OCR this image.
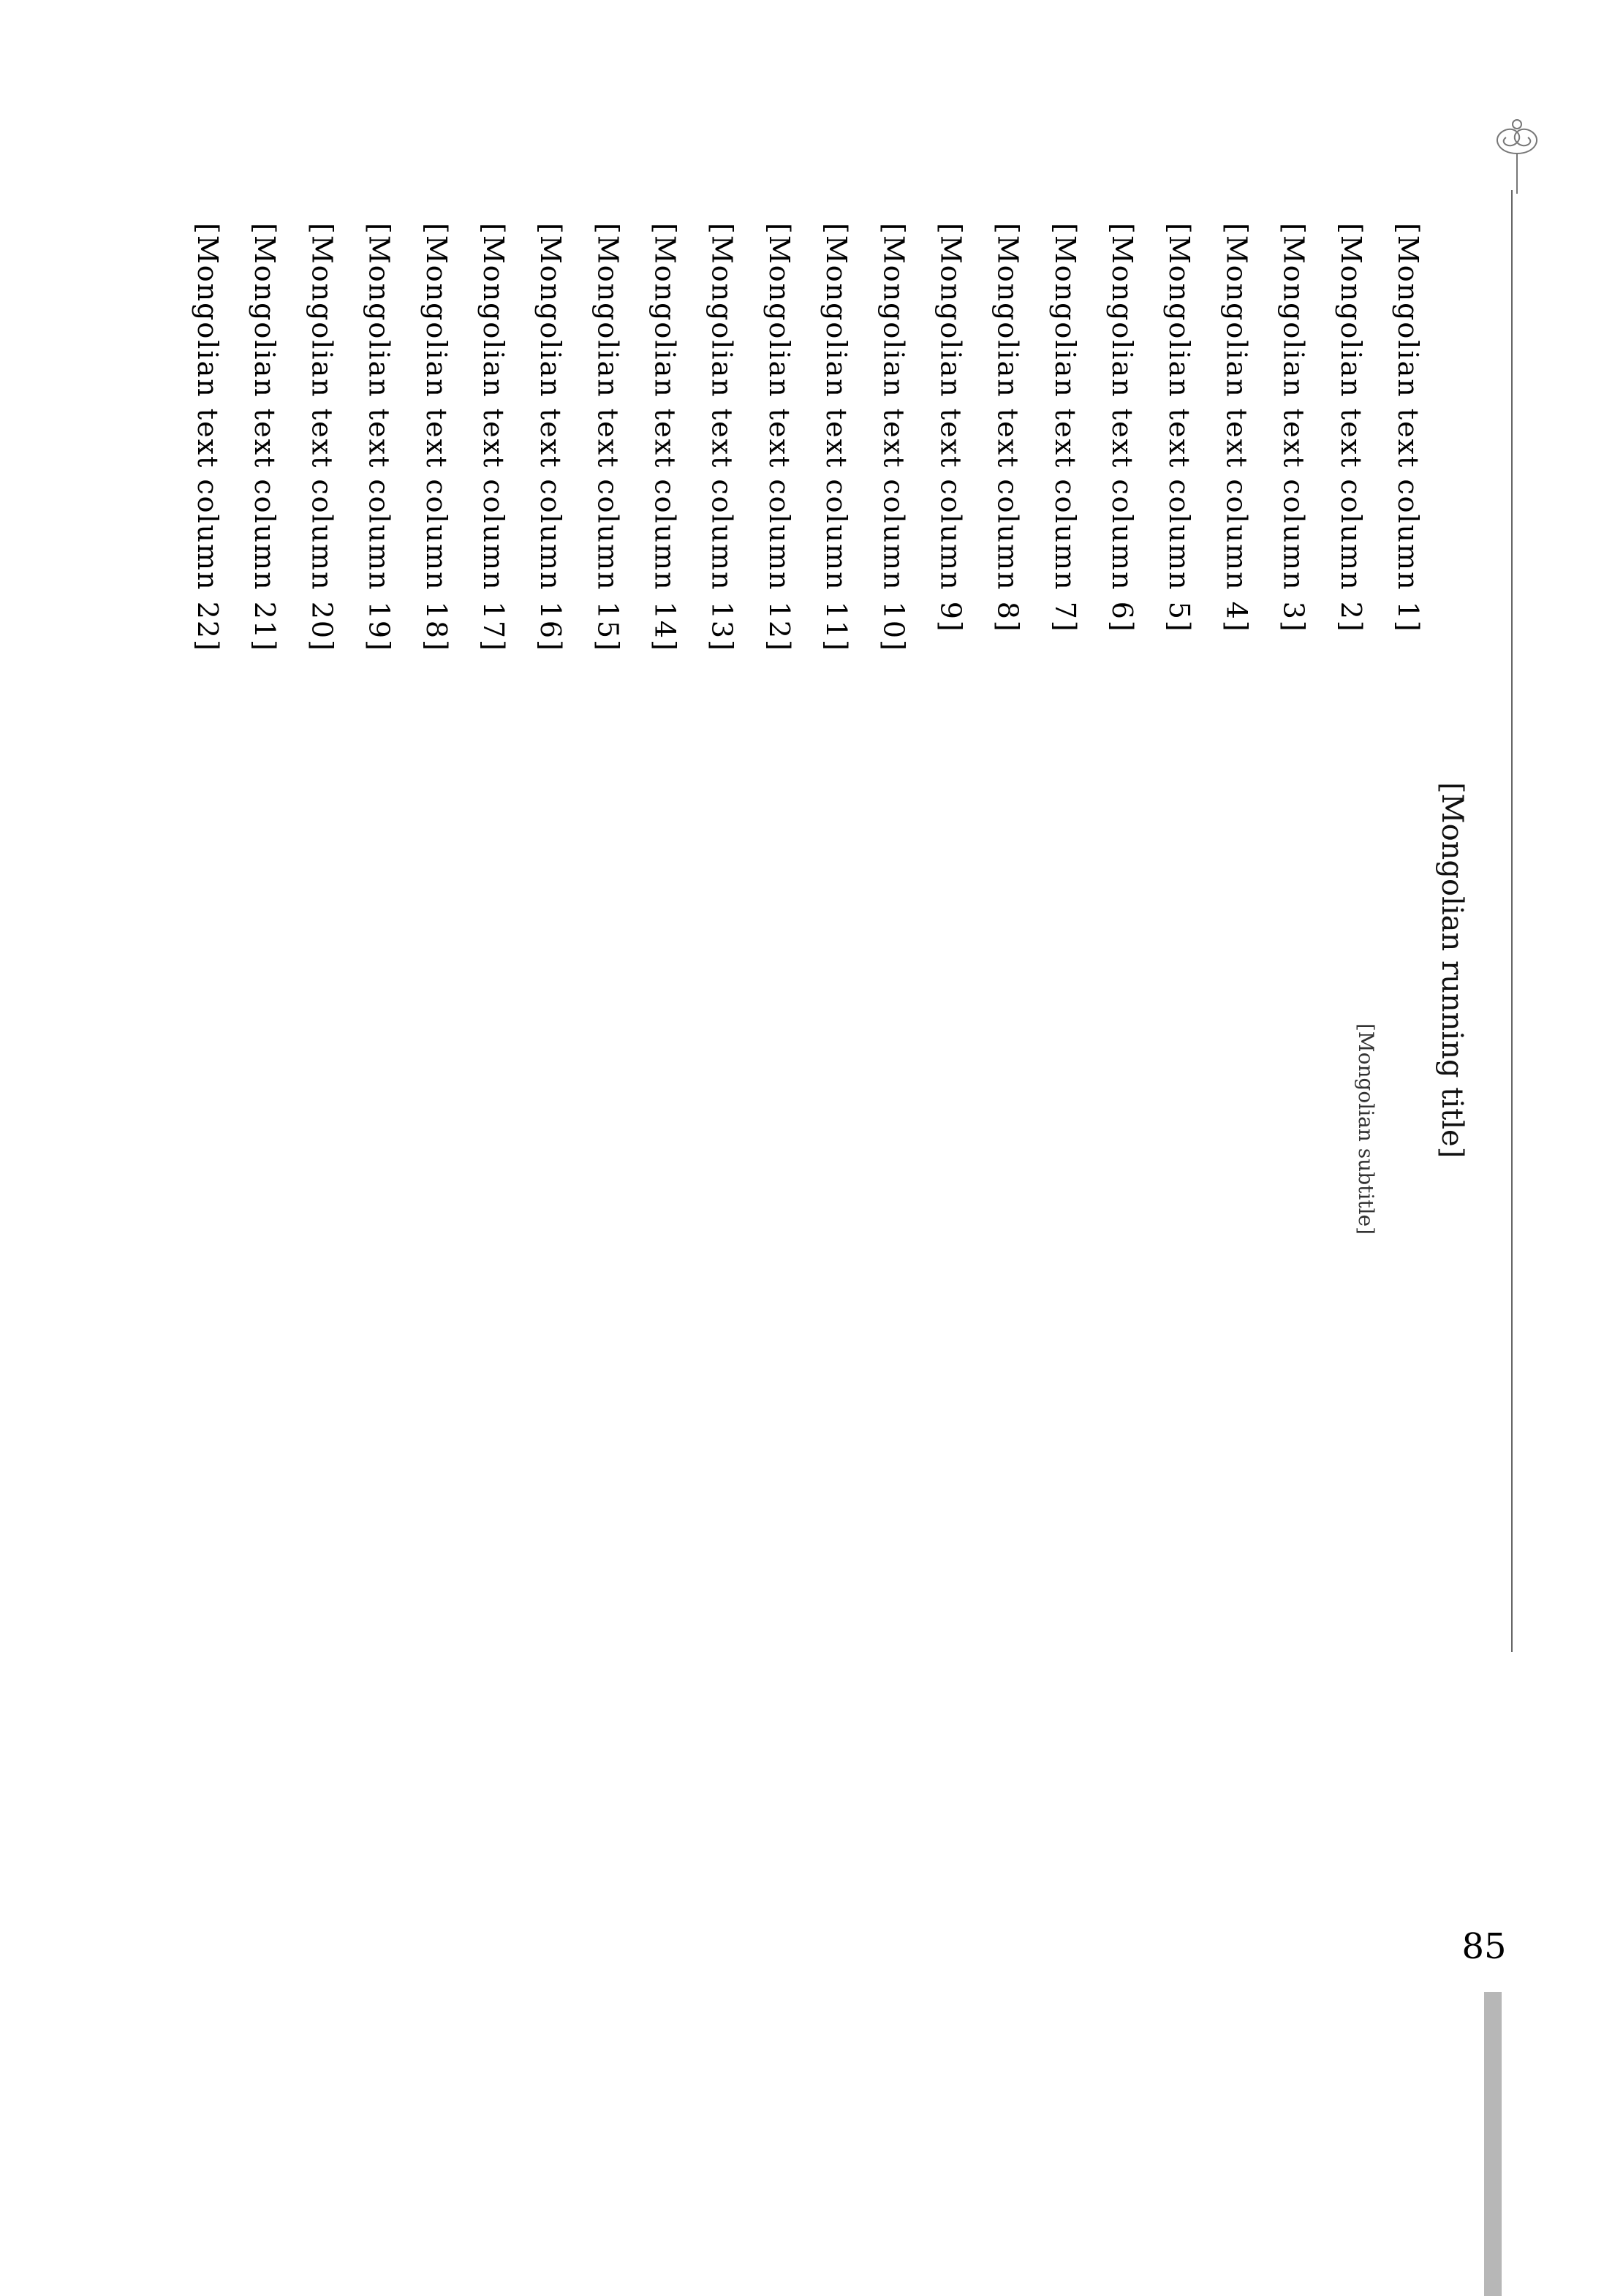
[Mongolian running title]
[Mongolian subtitle]
[Mongolian text column 1]
[Mongolian text column 2]
[Mongolian text column 3]
[Mongolian text column 4]
[Mongolian text column 5]
[Mongolian text column 6]
[Mongolian text column 7]
[Mongolian text column 8]
[Mongolian text column 9]
[Mongolian text column 10]
[Mongolian text column 11]
[Mongolian text column 12]
[Mongolian text column 13]
[Mongolian text column 14]
[Mongolian text column 15]
[Mongolian text column 16]
[Mongolian text column 17]
[Mongolian text column 18]
[Mongolian text column 19]
[Mongolian text column 20]
[Mongolian text column 21]
[Mongolian text column 22]
85
